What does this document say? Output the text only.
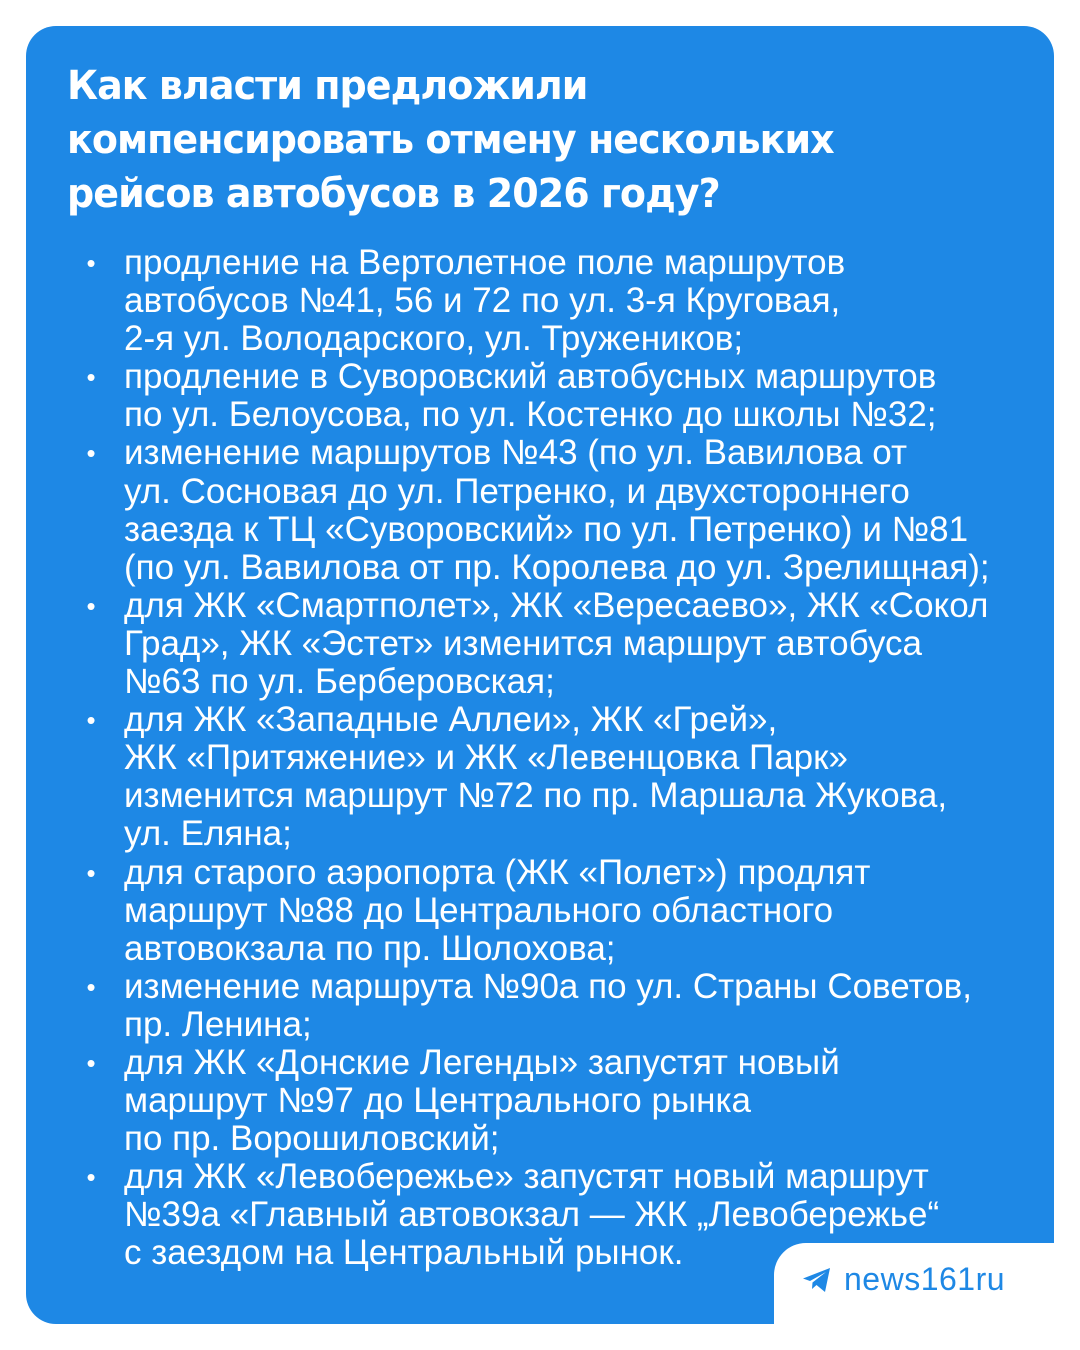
Как власти предложили
компенсировать отмену нескольких
рейсов автобусов в 2026 году?
• продление на Вертолетное поле маршрутов
автобусов №41, 56 и 72 по ул. 3-я Круговая,
2-я ул. Володарского, ул. Тружеников;
• продление в Суворовский автобусных маршрутов
по ул. Белоусова, по ул. Костенко до школы №32;
• изменение маршрутов №43 (по ул. Вавилова от
ул. Сосновая до ул. Петренко, и двухстороннего
заезда к ТЦ «Суворовский» по ул. Петренко) и №81
(по ул. Вавилова от пр. Королева до ул. Зрелищная);
• для ЖК «Смартполет», ЖК «Вересаево», ЖК «Сокол
Град», ЖК «Эстет» изменится маршрут автобуса
№63 по ул. Берберовская;
• для ЖК «Западные Аллеи», ЖК «Грей»,
ЖК «Притяжение» и ЖК «Левенцовка Парк»
изменится маршрут №72 по пр. Маршала Жукова,
ул. Еляна;
• для старого аэропорта (ЖК «Полет») продлят
маршрут №88 до Центрального областного
автовокзала по пр. Шолохова;
• изменение маршрута №90а по ул. Страны Советов,
пр. Ленина;
• для ЖК «Донские Легенды» запустят новый
маршрут №97 до Центрального рынка
по пр. Ворошиловский;
• для ЖК «Левобережье» запустят новый маршрут
№39а «Главный автовокзал — ЖК „Левобережье“
с заездом на Центральный рынок.
news161ru
